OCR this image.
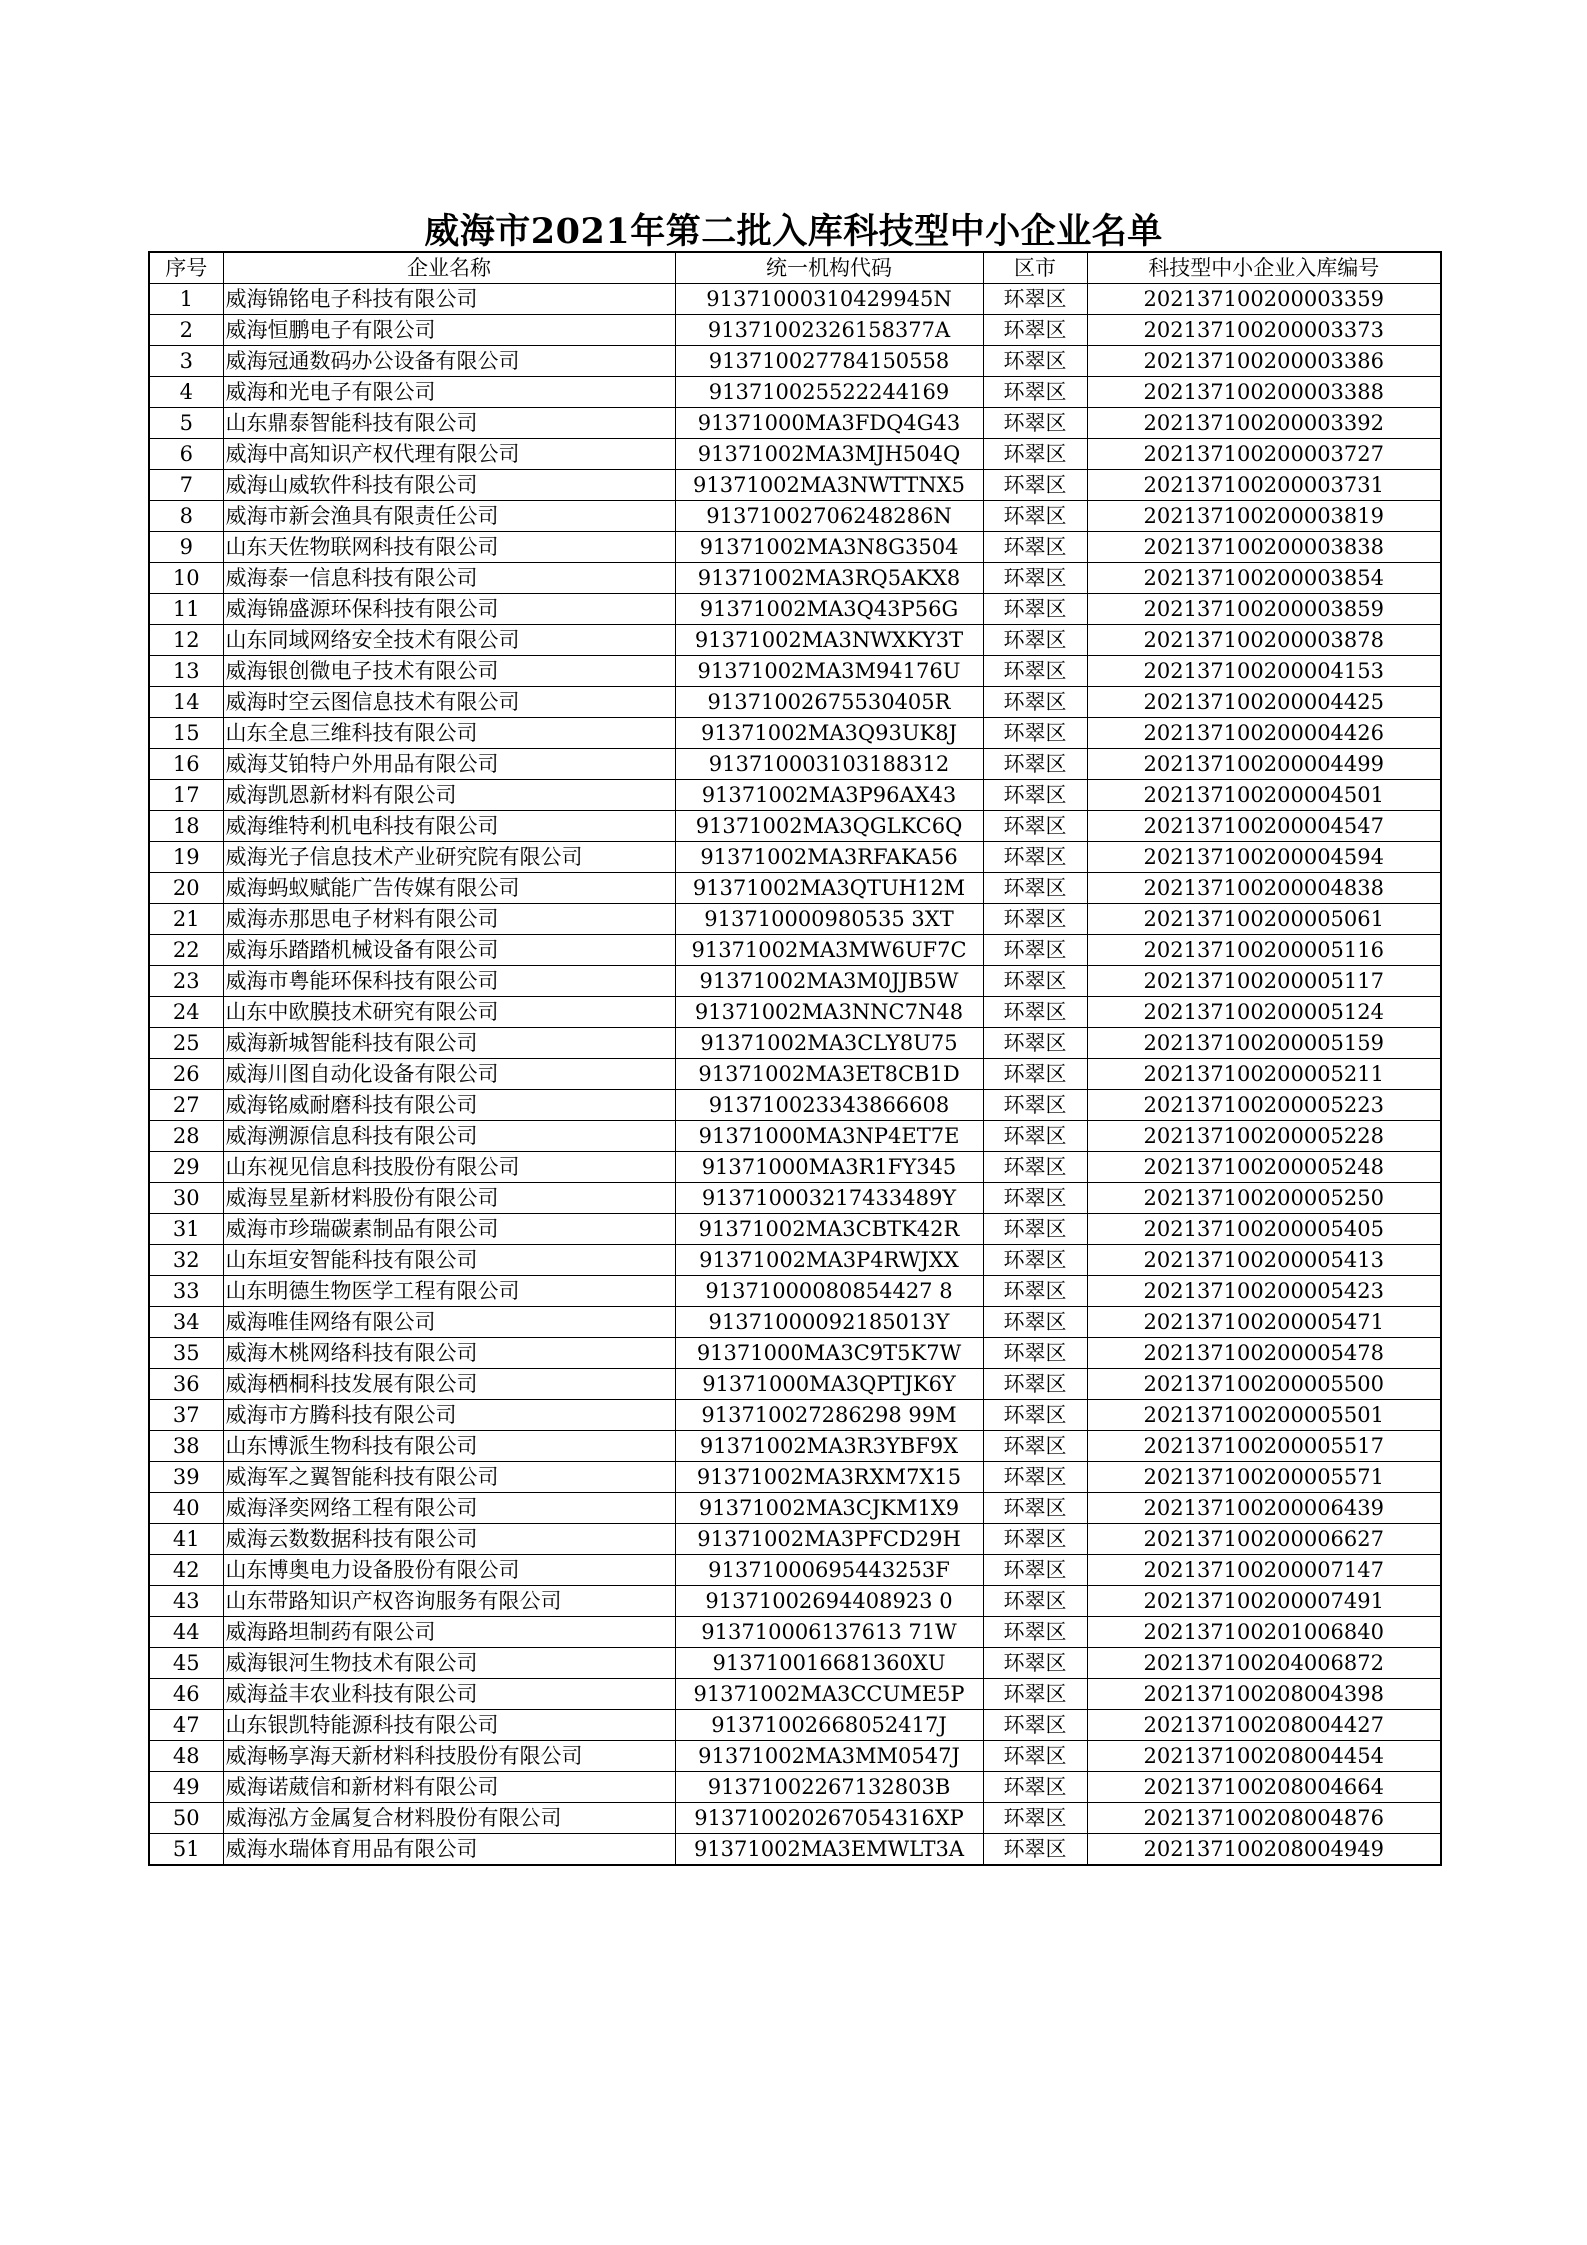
威海市2021年第二批入库科技型中小企业名单
序号	企业名称	统一机构代码	区市	科技型中小企业入库编号
1	威海锦铭电子科技有限公司	91371000310429945N	环翠区	202137100200003359
2	威海恒鹏电子有限公司	91371002326158377A	环翠区	202137100200003373
3	威海冠通数码办公设备有限公司	913710027784150558	环翠区	202137100200003386
4	威海和光电子有限公司	913710025522244169	环翠区	202137100200003388
5	山东鼎泰智能科技有限公司	91371000MA3FDQ4G43	环翠区	202137100200003392
6	威海中高知识产权代理有限公司	91371002MA3MJH504Q	环翠区	202137100200003727
7	威海山威软件科技有限公司	91371002MA3NWTTNX5	环翠区	202137100200003731
8	威海市新会渔具有限责任公司	91371002706248286N	环翠区	202137100200003819
9	山东天佐物联网科技有限公司	91371002MA3N8G3504	环翠区	202137100200003838
10	威海泰一信息科技有限公司	91371002MA3RQ5AKX8	环翠区	202137100200003854
11	威海锦盛源环保科技有限公司	91371002MA3Q43P56G	环翠区	202137100200003859
12	山东同域网络安全技术有限公司	91371002MA3NWXKY3T	环翠区	202137100200003878
13	威海银创微电子技术有限公司	91371002MA3M94176U	环翠区	202137100200004153
14	威海时空云图信息技术有限公司	91371002675530405R	环翠区	202137100200004425
15	山东全息三维科技有限公司	91371002MA3Q93UK8J	环翠区	202137100200004426
16	威海艾铂特户外用品有限公司	913710003103188312	环翠区	202137100200004499
17	威海凯恩新材料有限公司	91371002MA3P96AX43	环翠区	202137100200004501
18	威海维特利机电科技有限公司	91371002MA3QGLKC6Q	环翠区	202137100200004547
19	威海光子信息技术产业研究院有限公司	91371002MA3RFAKA56	环翠区	202137100200004594
20	威海蚂蚁赋能广告传媒有限公司	91371002MA3QTUH12M	环翠区	202137100200004838
21	威海赤那思电子材料有限公司	913710000980535 3XT	环翠区	202137100200005061
22	威海乐踏踏机械设备有限公司	91371002MA3MW6UF7C	环翠区	202137100200005116
23	威海市粤能环保科技有限公司	91371002MA3M0JJB5W	环翠区	202137100200005117
24	山东中欧膜技术研究有限公司	91371002MA3NNC7N48	环翠区	202137100200005124
25	威海新城智能科技有限公司	91371002MA3CLY8U75	环翠区	202137100200005159
26	威海川图自动化设备有限公司	91371002MA3ET8CB1D	环翠区	202137100200005211
27	威海铭威耐磨科技有限公司	913710023343866608	环翠区	202137100200005223
28	威海溯源信息科技有限公司	91371000MA3NP4ET7E	环翠区	202137100200005228
29	山东视见信息科技股份有限公司	91371000MA3R1FY345	环翠区	202137100200005248
30	威海昱星新材料股份有限公司	913710003217433489Y	环翠区	202137100200005250
31	威海市珍瑞碳素制品有限公司	91371002MA3CBTK42R	环翠区	202137100200005405
32	山东垣安智能科技有限公司	91371002MA3P4RWJXX	环翠区	202137100200005413
33	山东明德生物医学工程有限公司	91371000080854427 8	环翠区	202137100200005423
34	威海唯佳网络有限公司	91371000092185013Y	环翠区	202137100200005471
35	威海木桃网络科技有限公司	91371000MA3C9T5K7W	环翠区	202137100200005478
36	威海栖桐科技发展有限公司	91371000MA3QPTJK6Y	环翠区	202137100200005500
37	威海市方腾科技有限公司	913710027286298 99M	环翠区	202137100200005501
38	山东博派生物科技有限公司	91371002MA3R3YBF9X	环翠区	202137100200005517
39	威海军之翼智能科技有限公司	91371002MA3RXM7X15	环翠区	202137100200005571
40	威海泽奕网络工程有限公司	91371002MA3CJKM1X9	环翠区	202137100200006439
41	威海云数数据科技有限公司	91371002MA3PFCD29H	环翠区	202137100200006627
42	山东博奥电力设备股份有限公司	91371000695443253F	环翠区	202137100200007147
43	山东带路知识产权咨询服务有限公司	91371002694408923 0	环翠区	202137100200007491
44	威海路坦制药有限公司	913710006137613 71W	环翠区	202137100201006840
45	威海银河生物技术有限公司	913710016681360XU	环翠区	202137100204006872
46	威海益丰农业科技有限公司	91371002MA3CCUME5P	环翠区	202137100208004398
47	山东银凯特能源科技有限公司	91371002668052417J	环翠区	202137100208004427
48	威海畅享海天新材料科技股份有限公司	91371002MA3MM0547J	环翠区	202137100208004454
49	威海诺葳信和新材料有限公司	91371002267132803B	环翠区	202137100208004664
50	威海泓方金属复合材料股份有限公司	913710020267054316XP	环翠区	202137100208004876
51	威海水瑞体育用品有限公司	91371002MA3EMWLT3A	环翠区	202137100208004949
